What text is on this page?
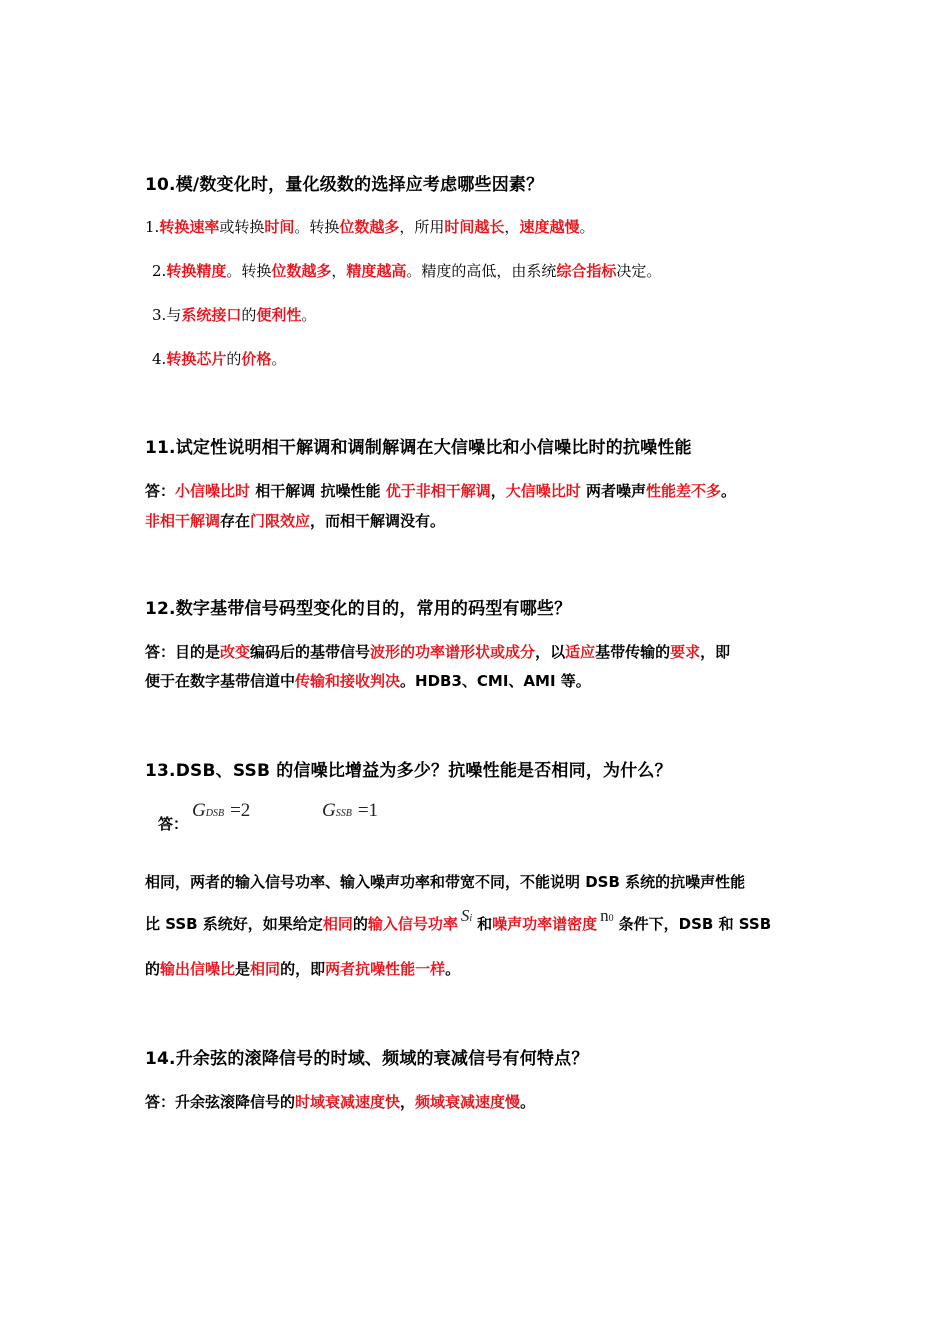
10.模/数变化时，量化级数的选择应考虑哪些因素？
1.转换速率或转换时间。转换位数越多，所用时间越长，速度越慢。
2.转换精度。转换位数越多，精度越高。精度的高低，由系统综合指标决定。
3.与系统接口的便利性。
4.转换芯片的价格。
11.试定性说明相干解调和调制解调在大信噪比和小信噪比时的抗噪性能
答：小信噪比时 相干解调 抗噪性能 优于非相干解调，大信噪比时 两者噪声性能差不多。
非相干解调存在门限效应，而相干解调没有。
12.数字基带信号码型变化的目的，常用的码型有哪些？
答：目的是改变编码后的基带信号波形的功率谱形状或成分，以适应基带传输的要求，即
便于在数字基带信道中传输和接收判决。HDB3、CMI、AMI 等。
13.DSB、SSB 的信噪比增益为多少？抗噪性能是否相同，为什么？
答：
GDSB =2	GSSB =1
相同，两者的输入信号功率、输入噪声功率和带宽不同，不能说明 DSB 系统的抗噪声性能
比 SSB 系统好，如果给定相同的输入信号功率 Si 和噪声功率谱密度 n0 条件下，DSB 和 SSB
的输出信噪比是相同的，即两者抗噪性能一样。
14.升余弦的滚降信号的时域、频域的衰减信号有何特点？
答：升余弦滚降信号的时域衰减速度快，频域衰减速度慢。
